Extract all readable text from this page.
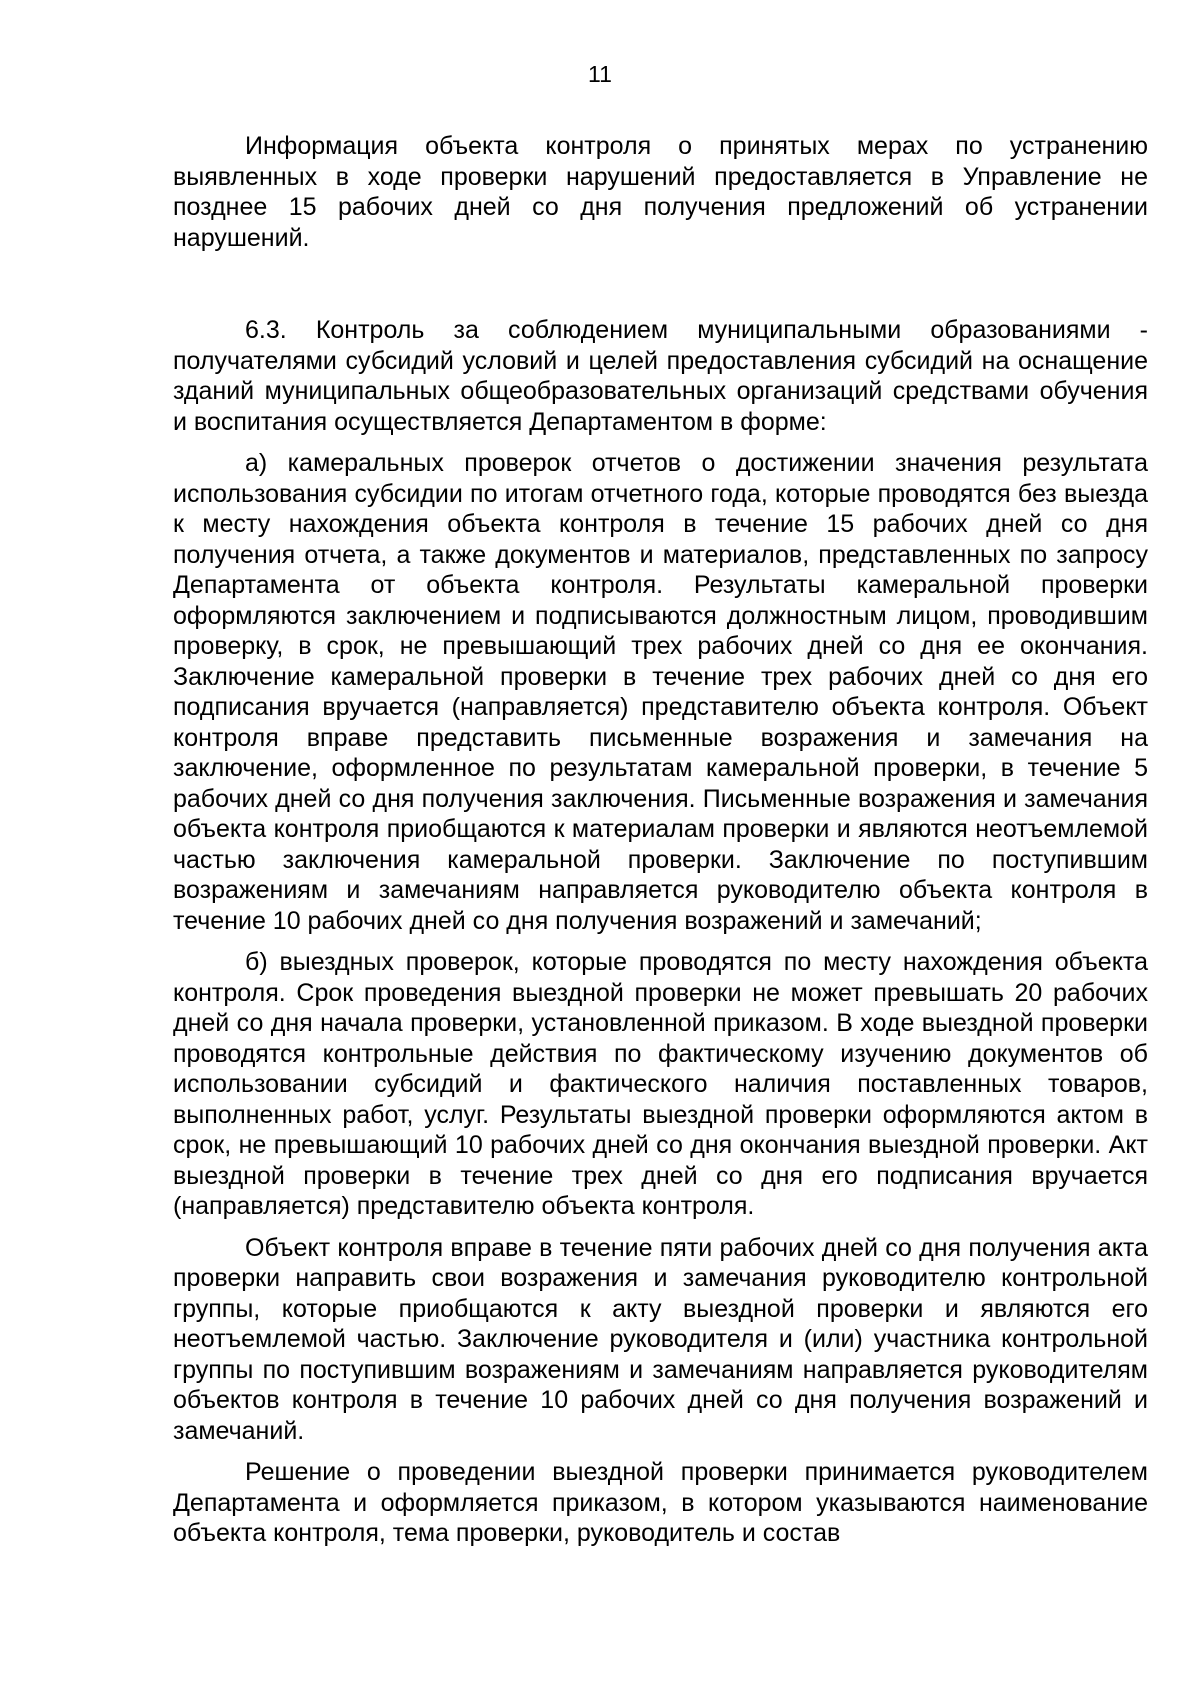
11

Информация объекта контроля о принятых мерах по устранению выявленных в ходе проверки нарушений предоставляется в Управление не позднее 15 рабочих дней со дня получения предложений об устранении нарушений.

6.3. Контроль за соблюдением муниципальными образованиями - получателями субсидий условий и целей предоставления субсидий на оснащение зданий муниципальных общеобразовательных организаций средствами обучения и воспитания осуществляется Департаментом в форме:

а) камеральных проверок отчетов о достижении значения результата использования субсидии по итогам отчетного года, которые проводятся без выезда к месту нахождения объекта контроля в течение 15 рабочих дней со дня получения отчета, а также документов и материалов, представленных по запросу Департамента от объекта контроля. Результаты камеральной проверки оформляются заключением и подписываются должностным лицом, проводившим проверку, в срок, не превышающий трех рабочих дней со дня ее окончания. Заключение камеральной проверки в течение трех рабочих дней со дня его подписания вручается (направляется) представителю объекта контроля. Объект контроля вправе представить письменные возражения и замечания на заключение, оформленное по результатам камеральной проверки, в течение 5 рабочих дней со дня получения заключения. Письменные возражения и замечания объекта контроля приобщаются к материалам проверки и являются неотъемлемой частью заключения камеральной проверки. Заключение по поступившим возражениям и замечаниям направляется руководителю объекта контроля в течение 10 рабочих дней со дня получения возражений и замечаний;

б) выездных проверок, которые проводятся по месту нахождения объекта контроля. Срок проведения выездной проверки не может превышать 20 рабочих дней со дня начала проверки, установленной приказом. В ходе выездной проверки проводятся контрольные действия по фактическому изучению документов об использовании субсидий и фактического наличия поставленных товаров, выполненных работ, услуг. Результаты выездной проверки оформляются актом в срок, не превышающий 10 рабочих дней со дня окончания выездной проверки. Акт выездной проверки в течение трех дней со дня его подписания вручается (направляется) представителю объекта контроля.

Объект контроля вправе в течение пяти рабочих дней со дня получения акта проверки направить свои возражения и замечания руководителю контрольной группы, которые приобщаются к акту выездной проверки и являются его неотъемлемой частью. Заключение руководителя и (или) участника контрольной группы по поступившим возражениям и замечаниям направляется руководителям объектов контроля в течение 10 рабочих дней со дня получения возражений и замечаний.

Решение о проведении выездной проверки принимается руководителем Департамента и оформляется приказом, в котором указываются наименование объекта контроля, тема проверки, руководитель и состав
